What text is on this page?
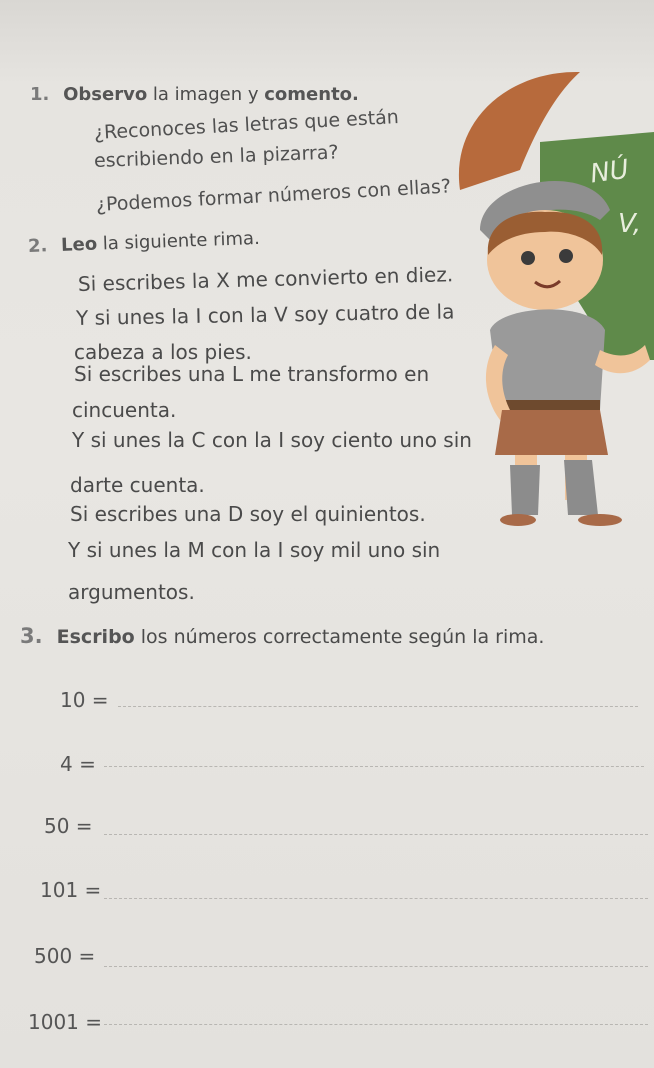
1. Observo la imagen y comento.
¿Reconoces las letras que están
escribiendo en la pizarra?
¿Podemos formar números con ellas?
2. Leo la siguiente rima.
Si escribes la X me convierto en diez.
Y si unes la I con la V soy cuatro de la
cabeza a los pies.
Si escribes una L me transformo en
cincuenta.
Y si unes la C con la I soy ciento uno sin
darte cuenta.
Si escribes una D soy el quinientos.
Y si unes la M con la I soy mil uno sin
argumentos.
3. Escribo los números correctamente según la rima.
10 =
4 =
50 =
101 =
500 =
1001 =
NÚ
V,
